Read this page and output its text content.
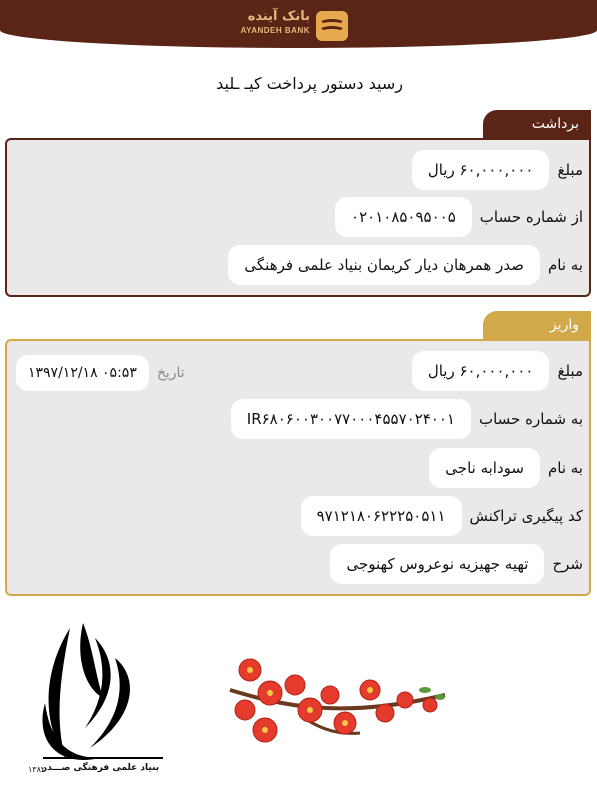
بانک آینده
AYANDEH BANK
رسید دستور پرداخت کیـ ـلید
برداشت
مبلغ
۶۰,۰۰۰,۰۰۰ ریال
از شماره حساب
۰۲۰۱۰۸۵۰۹۵۰۰۵
به نام
صدر همرهان دیار کریمان بنیاد علمی فرهنگی
واریز
۱۳۹۷/۱۲/۱۸ ۰۵:۵۳	تاریخ	مبلغ
۶۰,۰۰۰,۰۰۰ ریال
به شماره حساب
IR۶۸۰۶۰۰۳۰۰۷۷۰۰۰۴۵۵۷۰۲۴۰۰۱
به نام
سودابه ناجی
کد پیگیری تراکنش
۹۷۱۲۱۸۰۶۲۲۲۵۰۵۱۱
شرح
تهیه جهیزیه نوعروس کهنوجی
بنیاد علمی فرهنگی صـــدر
۱۳۸۲
